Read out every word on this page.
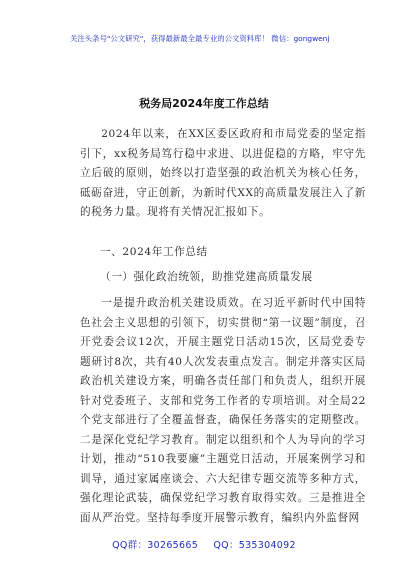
关注头条号"公文研究"，获得最新最全最专业的公文资料库！ 微信：gongwenj
税务局2024年度工作总结

2024年以来，在XX区委区政府和市局党委的坚定指引下，xx税务局笃行稳中求进、以进促稳的方略，牢守先立后破的原则，始终以打造坚强的政治机关为核心任务，砥砺奋进，守正创新，为新时代XX的高质量发展注入了新的税务力量。现将有关情况汇报如下。

一、2024年工作总结
（一）强化政治统领，助推党建高质量发展

一是提升政治机关建设质效。在习近平新时代中国特色社会主义思想的引领下，切实贯彻“第一议题”制度，召开党委会议12次，开展主题党日活动15次，区局党委专题研讨8次，共有40人次发表重点发言。制定并落实区局政治机关建设方案，明确各责任部门和负责人，组织开展针对党委班子、支部和党务工作者的专项培训。对全局22个党支部进行了全覆盖督查，确保任务落实的定期整改。二是深化党纪学习教育。制定以组织和个人为导向的学习计划，推动“510我要廉”主题党日活动，开展案例学习和训导，通过家属座谈会、六大纪律专题交流等多种方式，强化理论武装，确保党纪学习教育取得实效。三是推进全面从严治党。坚持每季度开展警示教育，编织内外监督网

QQ群：30265665 QQ：535304092
